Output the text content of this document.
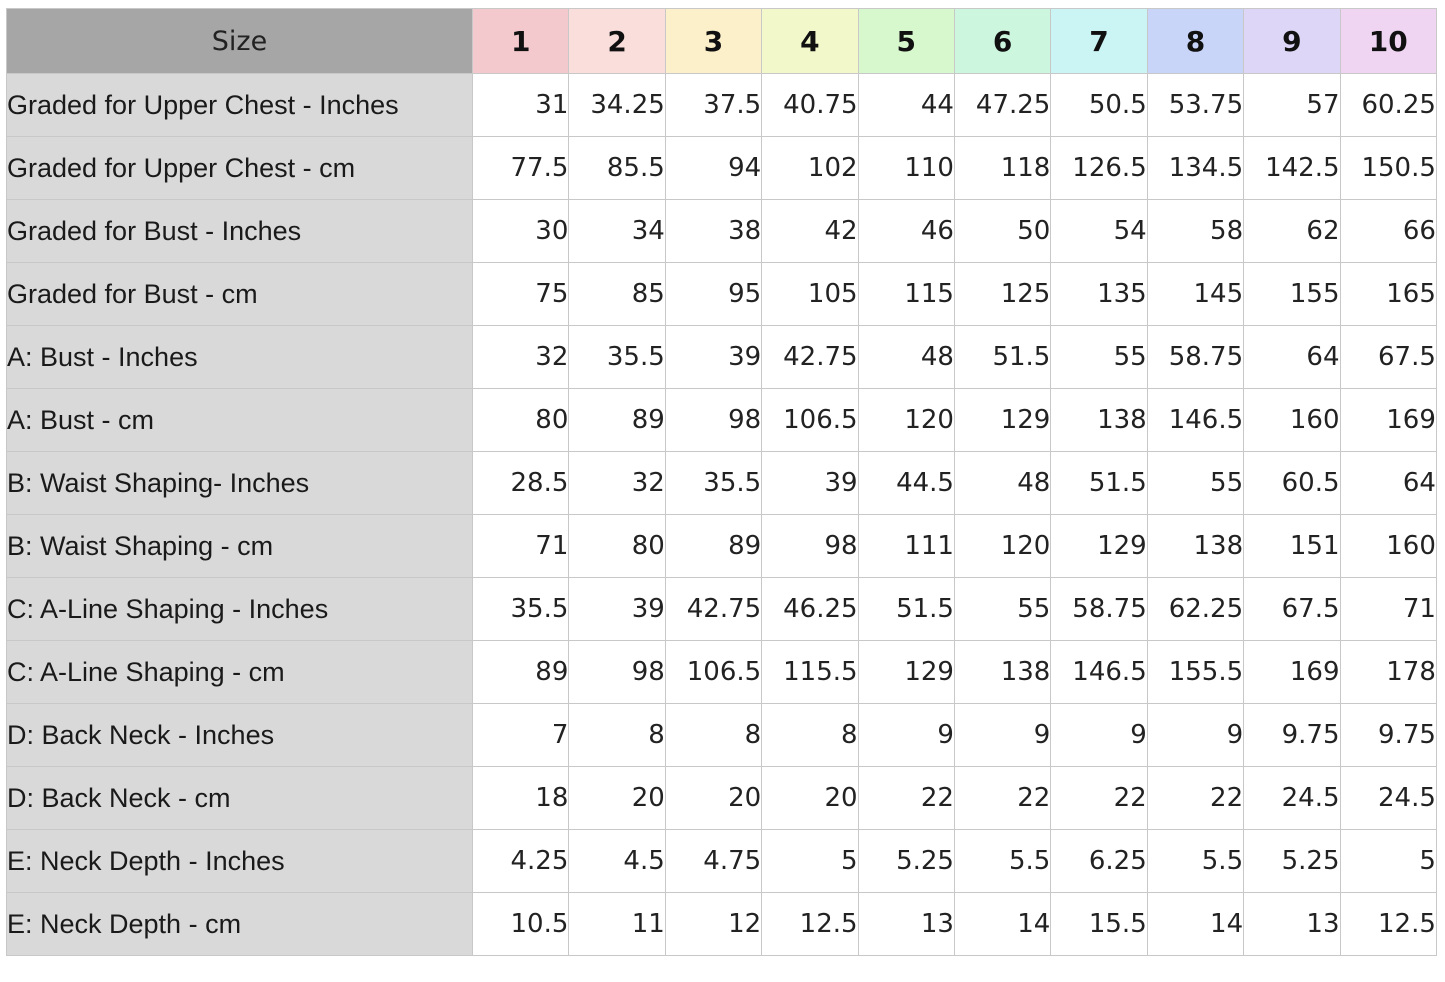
Size	1	2	3	4	5	6	7	8	9	10
Graded for Upper Chest - Inches	31	34.25	37.5	40.75	44	47.25	50.5	53.75	57	60.25
Graded for Upper Chest - cm	77.5	85.5	94	102	110	118	126.5	134.5	142.5	150.5
Graded for Bust - Inches	30	34	38	42	46	50	54	58	62	66
Graded for Bust - cm	75	85	95	105	115	125	135	145	155	165
A: Bust - Inches	32	35.5	39	42.75	48	51.5	55	58.75	64	67.5
A: Bust - cm	80	89	98	106.5	120	129	138	146.5	160	169
B: Waist Shaping- Inches	28.5	32	35.5	39	44.5	48	51.5	55	60.5	64
B: Waist Shaping - cm	71	80	89	98	111	120	129	138	151	160
C: A-Line Shaping - Inches	35.5	39	42.75	46.25	51.5	55	58.75	62.25	67.5	71
C: A-Line Shaping - cm	89	98	106.5	115.5	129	138	146.5	155.5	169	178
D: Back Neck - Inches	7	8	8	8	9	9	9	9	9.75	9.75
D: Back Neck - cm	18	20	20	20	22	22	22	22	24.5	24.5
E: Neck Depth - Inches	4.25	4.5	4.75	5	5.25	5.5	6.25	5.5	5.25	5
E: Neck Depth - cm	10.5	11	12	12.5	13	14	15.5	14	13	12.5
